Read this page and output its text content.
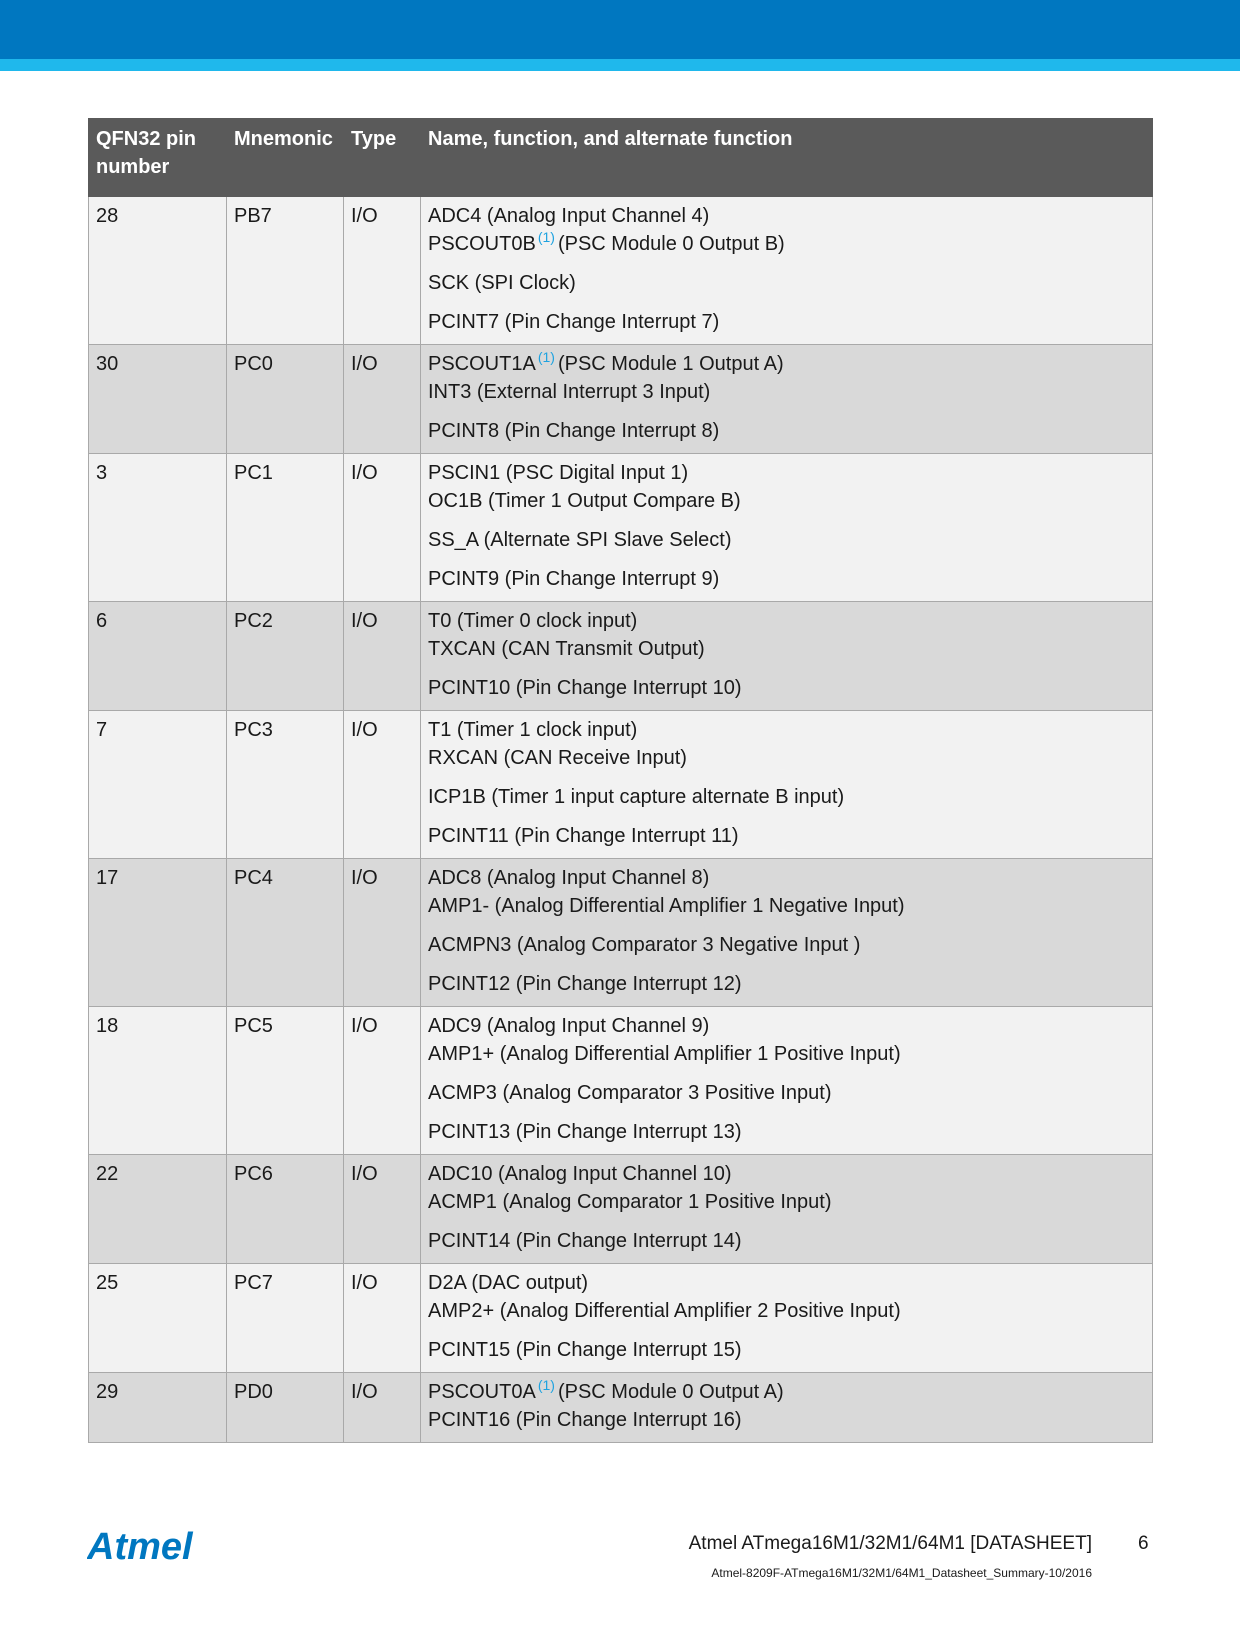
QFN32 pin number	Mnemonic	Type	Name, function, and alternate function
28	PB7	I/O	ADC4 (Analog Input Channel 4)
PSCOUT0B $^{(1)}$ (PSC Module 0 Output B)
SCK (SPI Clock)
PCINT7 (Pin Change Interrupt 7)

30	PC0	I/O	PSCOUT1A $^{(1)}$ (PSC Module 1 Output A)
INT3 (External Interrupt 3 Input)
PCINT8 (Pin Change Interrupt 8)

3	PC1	I/O	PSCIN1 (PSC Digital Input 1)
OC1B (Timer 1 Output Compare B)
SS_A (Alternate SPI Slave Select)
PCINT9 (Pin Change Interrupt 9)

6	PC2	I/O	T0 (Timer 0 clock input)
TXCAN (CAN Transmit Output)
PCINT10 (Pin Change Interrupt 10)

7	PC3	I/O	T1 (Timer 1 clock input)
RXCAN (CAN Receive Input)
ICP1B (Timer 1 input capture alternate B input)
PCINT11 (Pin Change Interrupt 11)

17	PC4	I/O	ADC8 (Analog Input Channel 8)
AMP1- (Analog Differential Amplifier 1 Negative Input)
ACMPN3 (Analog Comparator 3 Negative Input )
PCINT12 (Pin Change Interrupt 12)

18	PC5	I/O	ADC9 (Analog Input Channel 9)
AMP1+ (Analog Differential Amplifier 1 Positive Input)
ACMP3 (Analog Comparator 3 Positive Input)
PCINT13 (Pin Change Interrupt 13)

22	PC6	I/O	ADC10 (Analog Input Channel 10)
ACMP1 (Analog Comparator 1 Positive Input)
PCINT14 (Pin Change Interrupt 14)

25	PC7	I/O	D2A (DAC output)
AMP2+ (Analog Differential Amplifier 2 Positive Input)
PCINT15 (Pin Change Interrupt 15)

29	PD0	I/O	PSCOUT0A $^{(1)}$ (PSC Module 0 Output A)
PCINT16 (Pin Change Interrupt 16)
Atmel	Atmel ATmega16M1/32M1/64M1 [DATASHEET] 6
Atmel-8209F-ATmega16M1/32M1/64M1_Datasheet_Summary-10/2016
